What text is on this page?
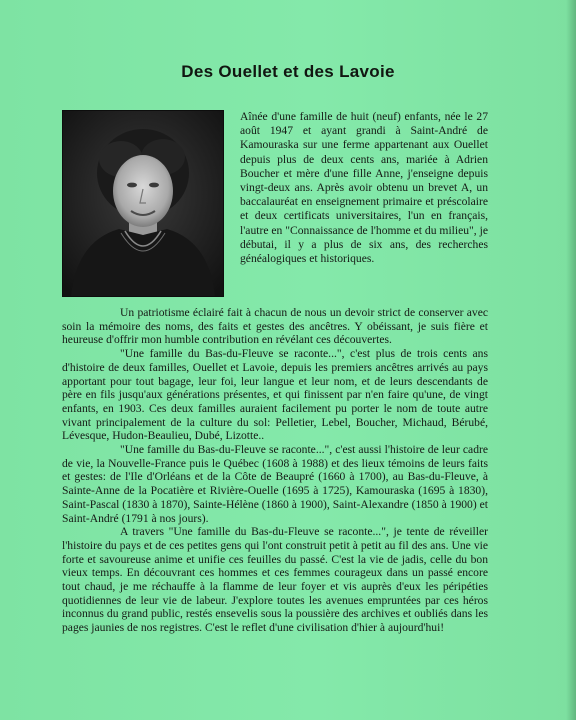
Des Ouellet et des Lavoie

Aînée d'une famille de huit (neuf) enfants, née le 27 août 1947 et ayant grandi à Saint-André de Kamouraska sur une ferme appartenant aux Ouellet depuis plus de deux cents ans, mariée à Adrien Boucher et mère d'une fille Anne, j'enseigne depuis vingt-deux ans. Après avoir obtenu un brevet A, un baccalauréat en enseignement primaire et préscolaire et deux certificats universitaires, l'un en français, l'autre en "Connaissance de l'homme et du milieu", je débutai, il y a plus de six ans, des recherches généalogiques et historiques.

Un patriotisme éclairé fait à chacun de nous un devoir strict de conserver avec soin la mémoire des noms, des faits et gestes des ancêtres. Y obéissant, je suis fière et heureuse d'offrir mon humble contribution en révélant ces découvertes.

"Une famille du Bas-du-Fleuve se raconte...", c'est plus de trois cents ans d'histoire de deux familles, Ouellet et Lavoie, depuis les premiers ancêtres arrivés au pays apportant pour tout bagage, leur foi, leur langue et leur nom, et de leurs descendants de père en fils jusqu'aux générations présentes, et qui finissent par n'en faire qu'une, de vingt enfants, en 1903. Ces deux familles auraient facilement pu porter le nom de toute autre vivant principalement de la culture du sol: Pelletier, Lebel, Boucher, Michaud, Bérubé, Lévesque, Hudon-Beaulieu, Dubé, Lizotte..

"Une famille du Bas-du-Fleuve se raconte...", c'est aussi l'histoire de leur cadre de vie, la Nouvelle-France puis le Québec (1608 à 1988) et des lieux témoins de leurs faits et gestes: de l'Ile d'Orléans et de la Côte de Beaupré (1660 à 1700), au Bas-du-Fleuve, à Sainte-Anne de la Pocatière et Rivière-Ouelle (1695 à 1725), Kamouraska (1695 à 1830), Saint-Pascal (1830 à 1870), Sainte-Hélène (1860 à 1900), Saint-Alexandre (1850 à 1900) et Saint-André (1791 à nos jours).

A travers "Une famille du Bas-du-Fleuve se raconte...", je tente de réveiller l'histoire du pays et de ces petites gens qui l'ont construit petit à petit au fil des ans. Une vie forte et savoureuse anime et unifie ces feuilles du passé. C'est la vie de jadis, celle du bon vieux temps. En découvrant ces hommes et ces femmes courageux dans un passé encore tout chaud, je me réchauffe à la flamme de leur foyer et vis auprès d'eux les péripéties quotidiennes de leur vie de labeur. J'explore toutes les avenues empruntées par ces héros inconnus du grand public, restés ensevelis sous la poussière des archives et oubliés dans les pages jaunies de nos registres. C'est le reflet d'une civilisation d'hier à aujourd'hui!
